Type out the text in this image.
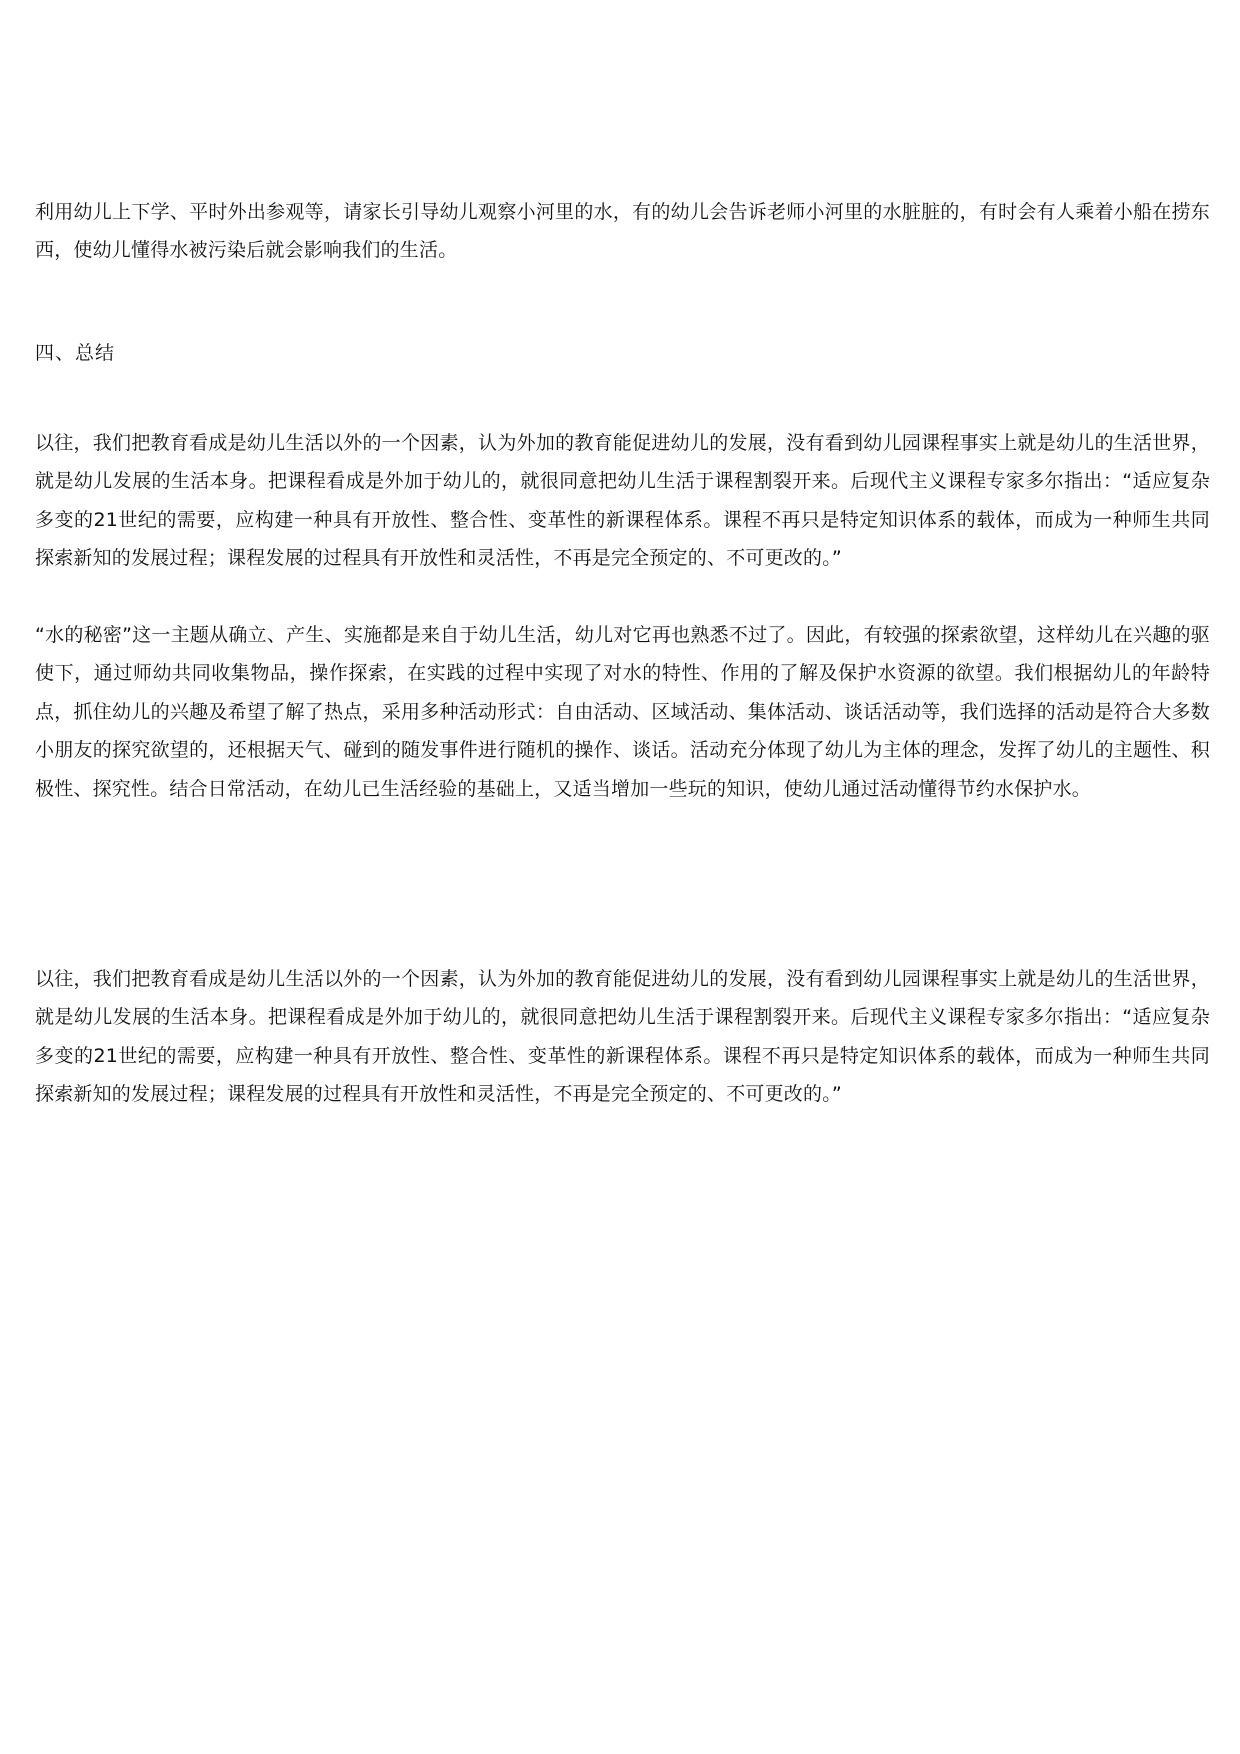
利用幼儿上下学、平时外出参观等，请家长引导幼儿观察小河里的水，有的幼儿会告诉老师小河里的水脏脏的，有时会有人乘着小船在捞东西，使幼儿懂得水被污染后就会影响我们的生活。

四、总结

以往，我们把教育看成是幼儿生活以外的一个因素，认为外加的教育能促进幼儿的发展，没有看到幼儿园课程事实上就是幼儿的生活世界，就是幼儿发展的生活本身。把课程看成是外加于幼儿的，就很同意把幼儿生活于课程割裂开来。后现代主义课程专家多尔指出：“适应复杂多变的21世纪的需要，应构建一种具有开放性、整合性、变革性的新课程体系。课程不再只是特定知识体系的载体，而成为一种师生共同探索新知的发展过程；课程发展的过程具有开放性和灵活性，不再是完全预定的、不可更改的。”

“水的秘密”这一主题从确立、产生、实施都是来自于幼儿生活，幼儿对它再也熟悉不过了。因此，有较强的探索欲望，这样幼儿在兴趣的驱使下，通过师幼共同收集物品，操作探索，在实践的过程中实现了对水的特性、作用的了解及保护水资源的欲望。我们根据幼儿的年龄特点，抓住幼儿的兴趣及希望了解了热点，采用多种活动形式：自由活动、区域活动、集体活动、谈话活动等，我们选择的活动是符合大多数小朋友的探究欲望的，还根据天气、碰到的随发事件进行随机的操作、谈话。活动充分体现了幼儿为主体的理念，发挥了幼儿的主题性、积极性、探究性。结合日常活动，在幼儿已生活经验的基础上，又适当增加一些玩的知识，使幼儿通过活动懂得节约水保护水。

以往，我们把教育看成是幼儿生活以外的一个因素，认为外加的教育能促进幼儿的发展，没有看到幼儿园课程事实上就是幼儿的生活世界，就是幼儿发展的生活本身。把课程看成是外加于幼儿的，就很同意把幼儿生活于课程割裂开来。后现代主义课程专家多尔指出：“适应复杂多变的21世纪的需要，应构建一种具有开放性、整合性、变革性的新课程体系。课程不再只是特定知识体系的载体，而成为一种师生共同探索新知的发展过程；课程发展的过程具有开放性和灵活性，不再是完全预定的、不可更改的。”
